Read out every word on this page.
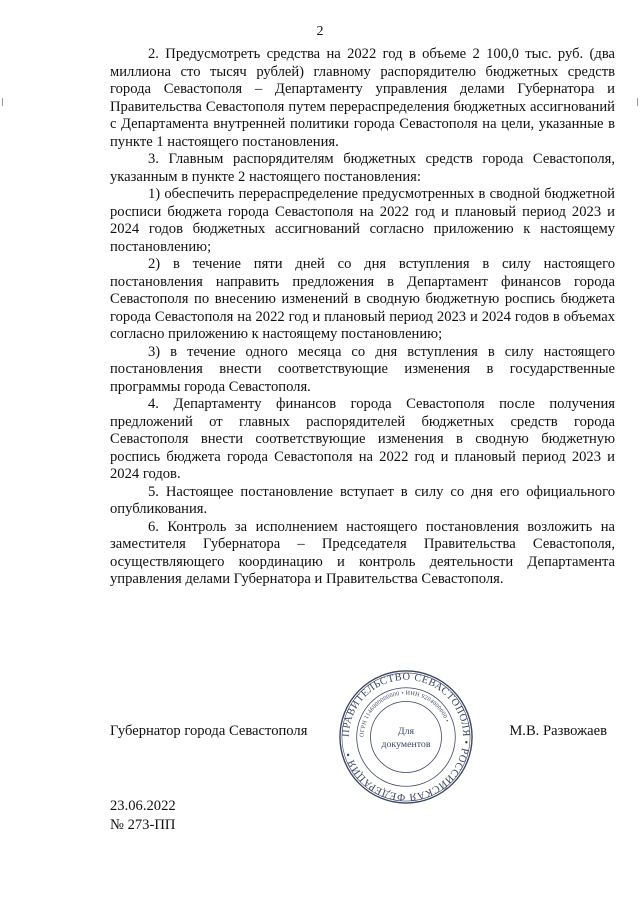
2

2. Предусмотреть средства на 2022 год в объеме 2 100,0 тыс. руб. (два миллиона сто тысяч рублей) главному распорядителю бюджетных средств города Севастополя – Департаменту управления делами Губернатора и Правительства Севастополя путем перераспределения бюджетных ассигнований с Департамента внутренней политики города Севастополя на цели, указанные в пункте 1 настоящего постановления.

3. Главным распорядителям бюджетных средств города Севастополя, указанным в пункте 2 настоящего постановления:

1) обеспечить перераспределение предусмотренных в сводной бюджетной росписи бюджета города Севастополя на 2022 год и плановый период 2023 и 2024 годов бюджетных ассигнований согласно приложению к настоящему постановлению;

2) в течение пяти дней со дня вступления в силу настоящего постановления направить предложения в Департамент финансов города Севастополя по внесению изменений в сводную бюджетную роспись бюджета города Севастополя на 2022 год и плановый период 2023 и 2024 годов в объемах согласно приложению к настоящему постановлению;

3) в течение одного месяца со дня вступления в силу настоящего постановления внести соответствующие изменения в государственные программы города Севастополя.

4. Департаменту финансов города Севастополя после получения предложений от главных распорядителей бюджетных средств города Севастополя внести соответствующие изменения в сводную бюджетную роспись бюджета города Севастополя на 2022 год и плановый период 2023 и 2024 годов.

5. Настоящее постановление вступает в силу со дня его официального опубликования.

6. Контроль за исполнением настоящего постановления возложить на заместителя Губернатора – Председателя Правительства Севастополя, осуществляющего координацию и контроль деятельности Департамента управления делами Губернатора и Правительства Севастополя.

Губернатор города Севастополя	М.В. Развожаев
ПРАВИТЕЛЬСТВО СЕВАСТОПОЛЯ • РОССИЙСКАЯ ФЕДЕРАЦИЯ •
ОГРН 1146000000000 • ИНН 9204000000 •
Для
документов
23.06.2022
№ 273-ПП
